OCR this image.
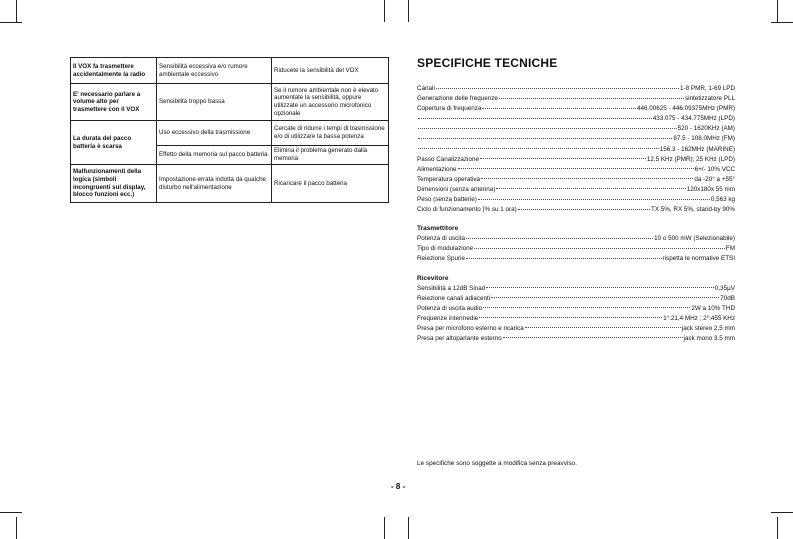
Il VOX fa trasmettere accidentalmente la radio	Sensibilità eccessiva e/o rumore ambientale eccessivo	Riducete la sensibilità del VOX
E' necessario parlare a volume alto per trasmettere con il VOX	Sensibilità troppo bassa	Se il rumore ambientale non è elevato aumentate la sensibilità, oppure utilizzate un accessorio microfonico opzionale
La durata del pacco batteria è scarsa	Uso eccessivo della trasmissione	Cercate di ridurre i tempi di trasmissione e/o di utilizzare la bassa potenza
	Effetto della memoria sul pacco batteria	Elimina il problema generato dalla memoria
Malfunzionamenti della logica (simboli incongruenti sul display, blocco funzioni ecc.)	Impostazione errata indotta da qualche disturbo nell'alimentazione	Ricaricare il pacco batteria
SPECIFICHE TECNICHE
Canali	1-8 PMR, 1-69 LPD
Generazione delle frequenze	sintetizzatore PLL
Copertura di frequenza	446.00625 - 446.09375MHz (PMR)
433.075 - 434.775MHz (LPD)
520 - 1620KHz (AM)
87.5 - 108.0MHz (FM)
156.3 - 162MHz (MARINE)
Passo Canalizzazione	12.5 KHz (PMR); 25 KHz (LPD)
Alimentazione	6+/- 10% VCC
Temperatura operativa	da -20° a +55°
Dimensioni (senza antenna)	120x180x 55 mm
Peso (senza batterie)	0,563 kg
Ciclo di funzionamento (% su 1 ora)	TX 5%, RX 5%, stand-by 90%
Trasmettitore
Potenza di uscita	10 o 500 mW (Selezionabile)
Tipo di modulazione	FM
Reiezione Spurie	rispetta le normative ETSI
Ricevitore
Sensibilità a 12dB Sinad	0,35µV
Reiezione canali adiacenti	70dB
Potenza di uscita audio	2W a 10% THD
Frequenze intermedie	1°:21,4 MHz ; 2°:455 KHz
Presa per microfono esterno e ricarica	jack stereo 2,5 mm
Presa per altoparlante esterno	jack mono 3.5 mm
Le specifiche sono soggette a modifica senza preavviso.
- 8 -
